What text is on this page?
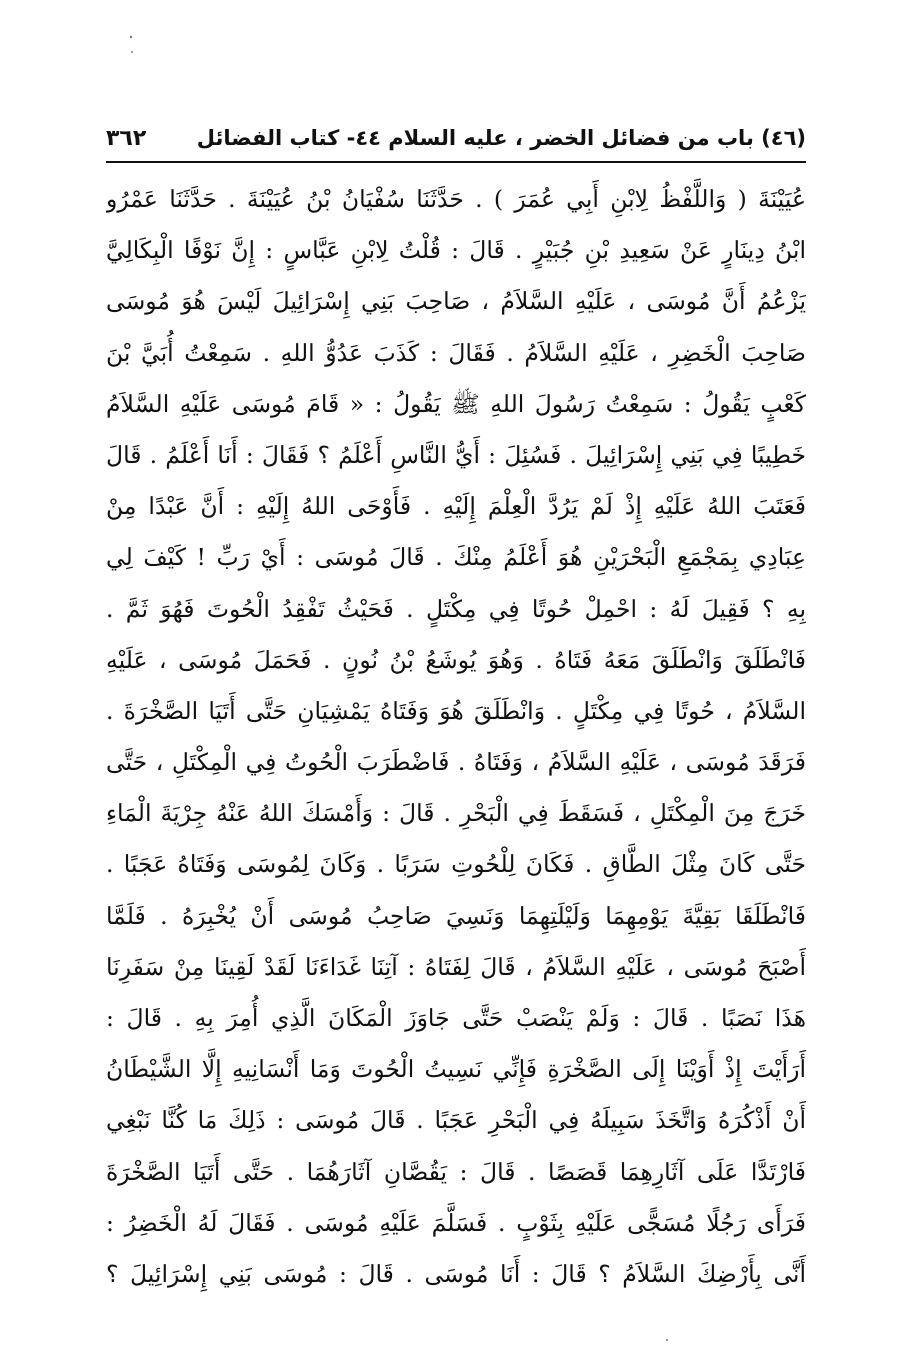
(٤٦) باب من فضائل الخضر ، عليه السلام ٤٤- كتاب الفضائل
٣٦٢
عُيَيْنَةَ ( وَاللَّفْظُ لِابْنِ أَبِي عُمَرَ ) . حَدَّثَنَا سُفْيَانُ بْنُ عُيَيْنَةَ . حَدَّثَنَا عَمْرُو
ابْنُ دِينَارٍ عَنْ سَعِيدِ بْنِ جُبَيْرٍ . قَالَ : قُلْتُ لِابْنِ عَبَّاسٍ : إِنَّ نَوْفًا الْبِكَالِيَّ
يَزْعُمُ أَنَّ مُوسَى ، عَلَيْهِ السَّلاَمُ ، صَاحِبَ بَنِي إِسْرَائِيلَ لَيْسَ هُوَ مُوسَى
صَاحِبَ الْخَضِرِ ، عَلَيْهِ السَّلاَمُ . فَقَالَ : كَذَبَ عَدُوُّ اللهِ . سَمِعْتُ أُبَيَّ بْنَ
كَعْبٍ يَقُولُ : سَمِعْتُ رَسُولَ اللهِ ﷺ يَقُولُ : « قَامَ مُوسَى عَلَيْهِ السَّلاَمُ
خَطِيبًا فِي بَنِي إِسْرَائِيلَ . فَسُئِلَ : أَيُّ النَّاسِ أَعْلَمُ ؟ فَقَالَ : أَنَا أَعْلَمُ . قَالَ
فَعَتَبَ اللهُ عَلَيْهِ إِذْ لَمْ يَرُدَّ الْعِلْمَ إِلَيْهِ . فَأَوْحَى اللهُ إِلَيْهِ : أَنَّ عَبْدًا مِنْ
عِبَادِي بِمَجْمَعِ الْبَحْرَيْنِ هُوَ أَعْلَمُ مِنْكَ . قَالَ مُوسَى : أَيْ رَبِّ ! كَيْفَ لِي
بِهِ ؟ فَقِيلَ لَهُ : احْمِلْ حُوتًا فِي مِكْتَلٍ . فَحَيْثُ تَفْقِدُ الْحُوتَ فَهُوَ ثَمَّ .
فَانْطَلَقَ وَانْطَلَقَ مَعَهُ فَتَاهُ . وَهُوَ يُوشَعُ بْنُ نُونٍ . فَحَمَلَ مُوسَى ، عَلَيْهِ
السَّلاَمُ ، حُوتًا فِي مِكْتَلٍ . وَانْطَلَقَ هُوَ وَفَتَاهُ يَمْشِيَانِ حَتَّى أَتَيَا الصَّخْرَةَ .
فَرَقَدَ مُوسَى ، عَلَيْهِ السَّلاَمُ ، وَفَتَاهُ . فَاضْطَرَبَ الْحُوتُ فِي الْمِكْتَلِ ، حَتَّى
خَرَجَ مِنَ الْمِكْتَلِ ، فَسَقَطَ فِي الْبَحْرِ . قَالَ : وَأَمْسَكَ اللهُ عَنْهُ جِرْيَةَ الْمَاءِ
حَتَّى كَانَ مِثْلَ الطَّاقِ . فَكَانَ لِلْحُوتِ سَرَبًا . وَكَانَ لِمُوسَى وَفَتَاهُ عَجَبًا .
فَانْطَلَقَا بَقِيَّةَ يَوْمِهِمَا وَلَيْلَتِهِمَا وَنَسِيَ صَاحِبُ مُوسَى أَنْ يُخْبِرَهُ . فَلَمَّا
أَصْبَحَ مُوسَى ، عَلَيْهِ السَّلاَمُ ، قَالَ لِفَتَاهُ : آتِنَا غَدَاءَنَا لَقَدْ لَقِينَا مِنْ سَفَرِنَا
هَذَا نَصَبًا . قَالَ : وَلَمْ يَنْصَبْ حَتَّى جَاوَزَ الْمَكَانَ الَّذِي أُمِرَ بِهِ . قَالَ :
أَرَأَيْتَ إِذْ أَوَيْنَا إِلَى الصَّخْرَةِ فَإِنِّي نَسِيتُ الْحُوتَ وَمَا أَنْسَانِيهِ إِلَّا الشَّيْطَانُ
أَنْ أَذْكُرَهُ وَاتَّخَذَ سَبِيلَهُ فِي الْبَحْرِ عَجَبًا . قَالَ مُوسَى : ذَلِكَ مَا كُنَّا نَبْغِي
فَارْتَدَّا عَلَى آثَارِهِمَا قَصَصًا . قَالَ : يَقُصَّانِ آثَارَهُمَا . حَتَّى أَتَيَا الصَّخْرَةَ
فَرَأَى رَجُلًا مُسَجًّى عَلَيْهِ بِثَوْبٍ . فَسَلَّمَ عَلَيْهِ مُوسَى . فَقَالَ لَهُ الْخَضِرُ :
أَنَّى بِأَرْضِكَ السَّلاَمُ ؟ قَالَ : أَنَا مُوسَى . قَالَ : مُوسَى بَنِي إِسْرَائِيلَ ؟
